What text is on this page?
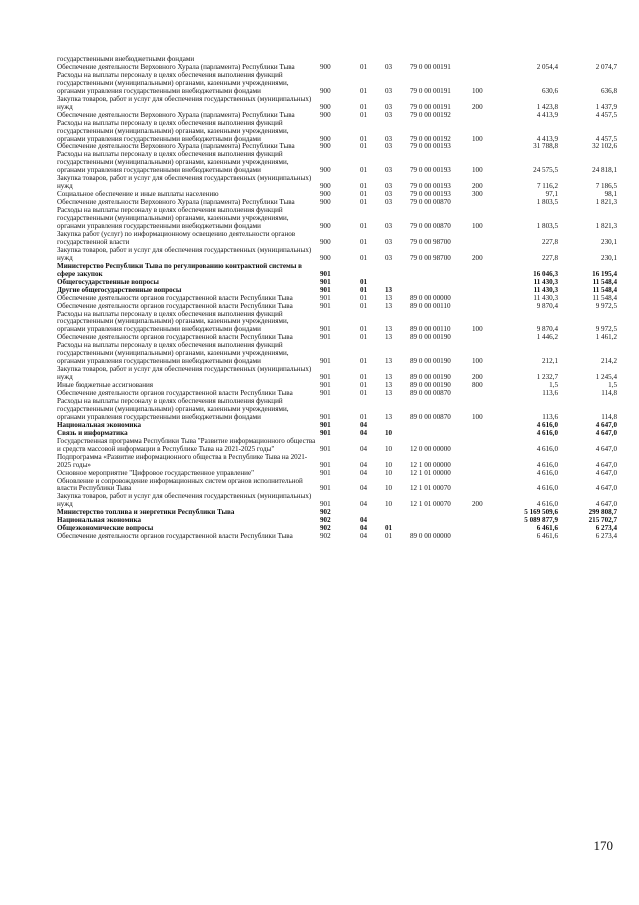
государственными внебюджетными фондами							
Обеспечение деятельности Верховного Хурала (парламента) Республики Тыва	900	01	03	79 0 00 00191		2 054,4	2 074,7
Расходы на выплаты персоналу в целях обеспечения выполнения функций государственными (муниципальными) органами, казенными учреждениями, органами управления государственными внебюджетными фондами	900	01	03	79 0 00 00191	100	630,6	636,8
Закупка товаров, работ и услуг для обеспечения государственных (муниципальных) нужд	900	01	03	79 0 00 00191	200	1 423,8	1 437,9
Обеспечение деятельности Верховного Хурала (парламента) Республики Тыва	900	01	03	79 0 00 00192		4 413,9	4 457,5
Расходы на выплаты персоналу в целях обеспечения выполнения функций государственными (муниципальными) органами, казенными учреждениями, органами управления государственными внебюджетными фондами	900	01	03	79 0 00 00192	100	4 413,9	4 457,5
Обеспечение деятельности Верховного Хурала (парламента) Республики Тыва	900	01	03	79 0 00 00193		31 788,8	32 102,6
Расходы на выплаты персоналу в целях обеспечения выполнения функций государственными (муниципальными) органами, казенными учреждениями, органами управления государственными внебюджетными фондами	900	01	03	79 0 00 00193	100	24 575,5	24 818,1
Закупка товаров, работ и услуг для обеспечения государственных (муниципальных) нужд	900	01	03	79 0 00 00193	200	7 116,2	7 186,5
Социальное обеспечение и иные выплаты населению	900	01	03	79 0 00 00193	300	97,1	98,1
Обеспечение деятельности Верховного Хурала (парламента) Республики Тыва	900	01	03	79 0 00 00870		1 803,5	1 821,3
Расходы на выплаты персоналу в целях обеспечения выполнения функций государственными (муниципальными) органами, казенными учреждениями, органами управления государственными внебюджетными фондами	900	01	03	79 0 00 00870	100	1 803,5	1 821,3
Закупка работ (услуг) по информационному освещению деятельности органов государственной власти	900	01	03	79 0 00 98700		227,8	230,1
Закупка товаров, работ и услуг для обеспечения государственных (муниципальных) нужд	900	01	03	79 0 00 98700	200	227,8	230,1
Министерство Республики Тыва по регулированию контрактной системы в сфере закупок	901					16 046,3	16 195,4
Общегосударственные вопросы	901	01				11 430,3	11 548,4
Другие общегосударственные вопросы	901	01	13			11 430,3	11 548,4
Обеспечение деятельности органов государственной власти Республики Тыва	901	01	13	89 0 00 00000		11 430,3	11 548,4
Обеспечение деятельности органов государственной власти Республики Тыва	901	01	13	89 0 00 00110		9 870,4	9 972,5
Расходы на выплаты персоналу в целях обеспечения выполнения функций государственными (муниципальными) органами, казенными учреждениями, органами управления государственными внебюджетными фондами	901	01	13	89 0 00 00110	100	9 870,4	9 972,5
Обеспечение деятельности органов государственной власти Республики Тыва	901	01	13	89 0 00 00190		1 446,2	1 461,2
Расходы на выплаты персоналу в целях обеспечения выполнения функций государственными (муниципальными) органами, казенными учреждениями, органами управления государственными внебюджетными фондами	901	01	13	89 0 00 00190	100	212,1	214,2
Закупка товаров, работ и услуг для обеспечения государственных (муниципальных) нужд	901	01	13	89 0 00 00190	200	1 232,7	1 245,4
Иные бюджетные ассигнования	901	01	13	89 0 00 00190	800	1,5	1,5
Обеспечение деятельности органов государственной власти Республики Тыва	901	01	13	89 0 00 00870		113,6	114,8
Расходы на выплаты персоналу в целях обеспечения выполнения функций государственными (муниципальными) органами, казенными учреждениями, органами управления государственными внебюджетными фондами	901	01	13	89 0 00 00870	100	113,6	114,8
Национальная экономика	901	04				4 616,0	4 647,0
Связь и информатика	901	04	10			4 616,0	4 647,0
Государственная программа Республики Тыва "Развитие информационного общества и средств массовой информации в Республике Тыва на 2021-2025 годы"	901	04	10	12 0 00 00000		4 616,0	4 647,0
Подпрограмма «Развитие информационного общества в Республике Тыва на 2021-2025 годы»	901	04	10	12 1 00 00000		4 616,0	4 647,0
Основное мероприятие "Цифровое государственное управление"	901	04	10	12 1 01 00000		4 616,0	4 647,0
Обновление и сопровождение информационных систем органов исполнительной власти Республики Тыва	901	04	10	12 1 01 00070		4 616,0	4 647,0
Закупка товаров, работ и услуг для обеспечения государственных (муниципальных) нужд	901	04	10	12 1 01 00070	200	4 616,0	4 647,0
Министерство топлива и энергетики Республики Тыва	902					5 169 509,6	299 808,7
Национальная экономика	902	04				5 089 877,9	215 702,7
Общеэкономические вопросы	902	04	01			6 461,6	6 273,4
Обеспечение деятельности органов государственной власти Республики Тыва	902	04	01	89 0 00 00000		6 461,6	6 273,4
170
